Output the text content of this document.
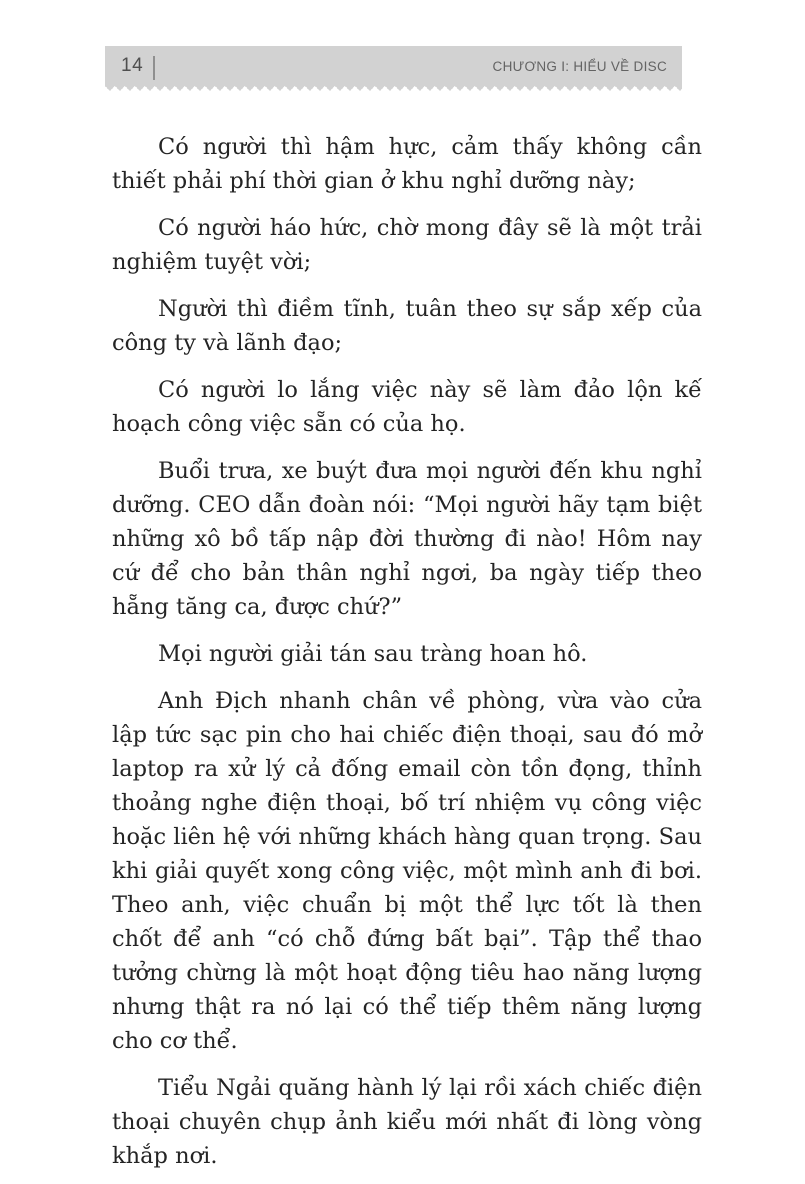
14	CHƯƠNG I: HIỂU VỀ DISC

Có người thì hậm hực, cảm thấy không cần thiết phải phí thời gian ở khu nghỉ dưỡng này;

Có người háo hức, chờ mong đây sẽ là một trải nghiệm tuyệt vời;

Người thì điềm tĩnh, tuân theo sự sắp xếp của công ty và lãnh đạo;

Có người lo lắng việc này sẽ làm đảo lộn kế hoạch công việc sẵn có của họ.

Buổi trưa, xe buýt đưa mọi người đến khu nghỉ dưỡng. CEO dẫn đoàn nói: “Mọi người hãy tạm biệt những xô bồ tấp nập đời thường đi nào! Hôm nay cứ để cho bản thân nghỉ ngơi, ba ngày tiếp theo hẵng tăng ca, được chứ?”

Mọi người giải tán sau tràng hoan hô.

Anh Địch nhanh chân về phòng, vừa vào cửa lập tức sạc pin cho hai chiếc điện thoại, sau đó mở laptop ra xử lý cả đống email còn tồn đọng, thỉnh thoảng nghe điện thoại, bố trí nhiệm vụ công việc hoặc liên hệ với những khách hàng quan trọng. Sau khi giải quyết xong công việc, một mình anh đi bơi. Theo anh, việc chuẩn bị một thể lực tốt là then chốt để anh “có chỗ đứng bất bại”. Tập thể thao tưởng chừng là một hoạt động tiêu hao năng lượng nhưng thật ra nó lại có thể tiếp thêm năng lượng cho cơ thể.

Tiểu Ngải quăng hành lý lại rồi xách chiếc điện thoại chuyên chụp ảnh kiểu mới nhất đi lòng vòng khắp nơi.
